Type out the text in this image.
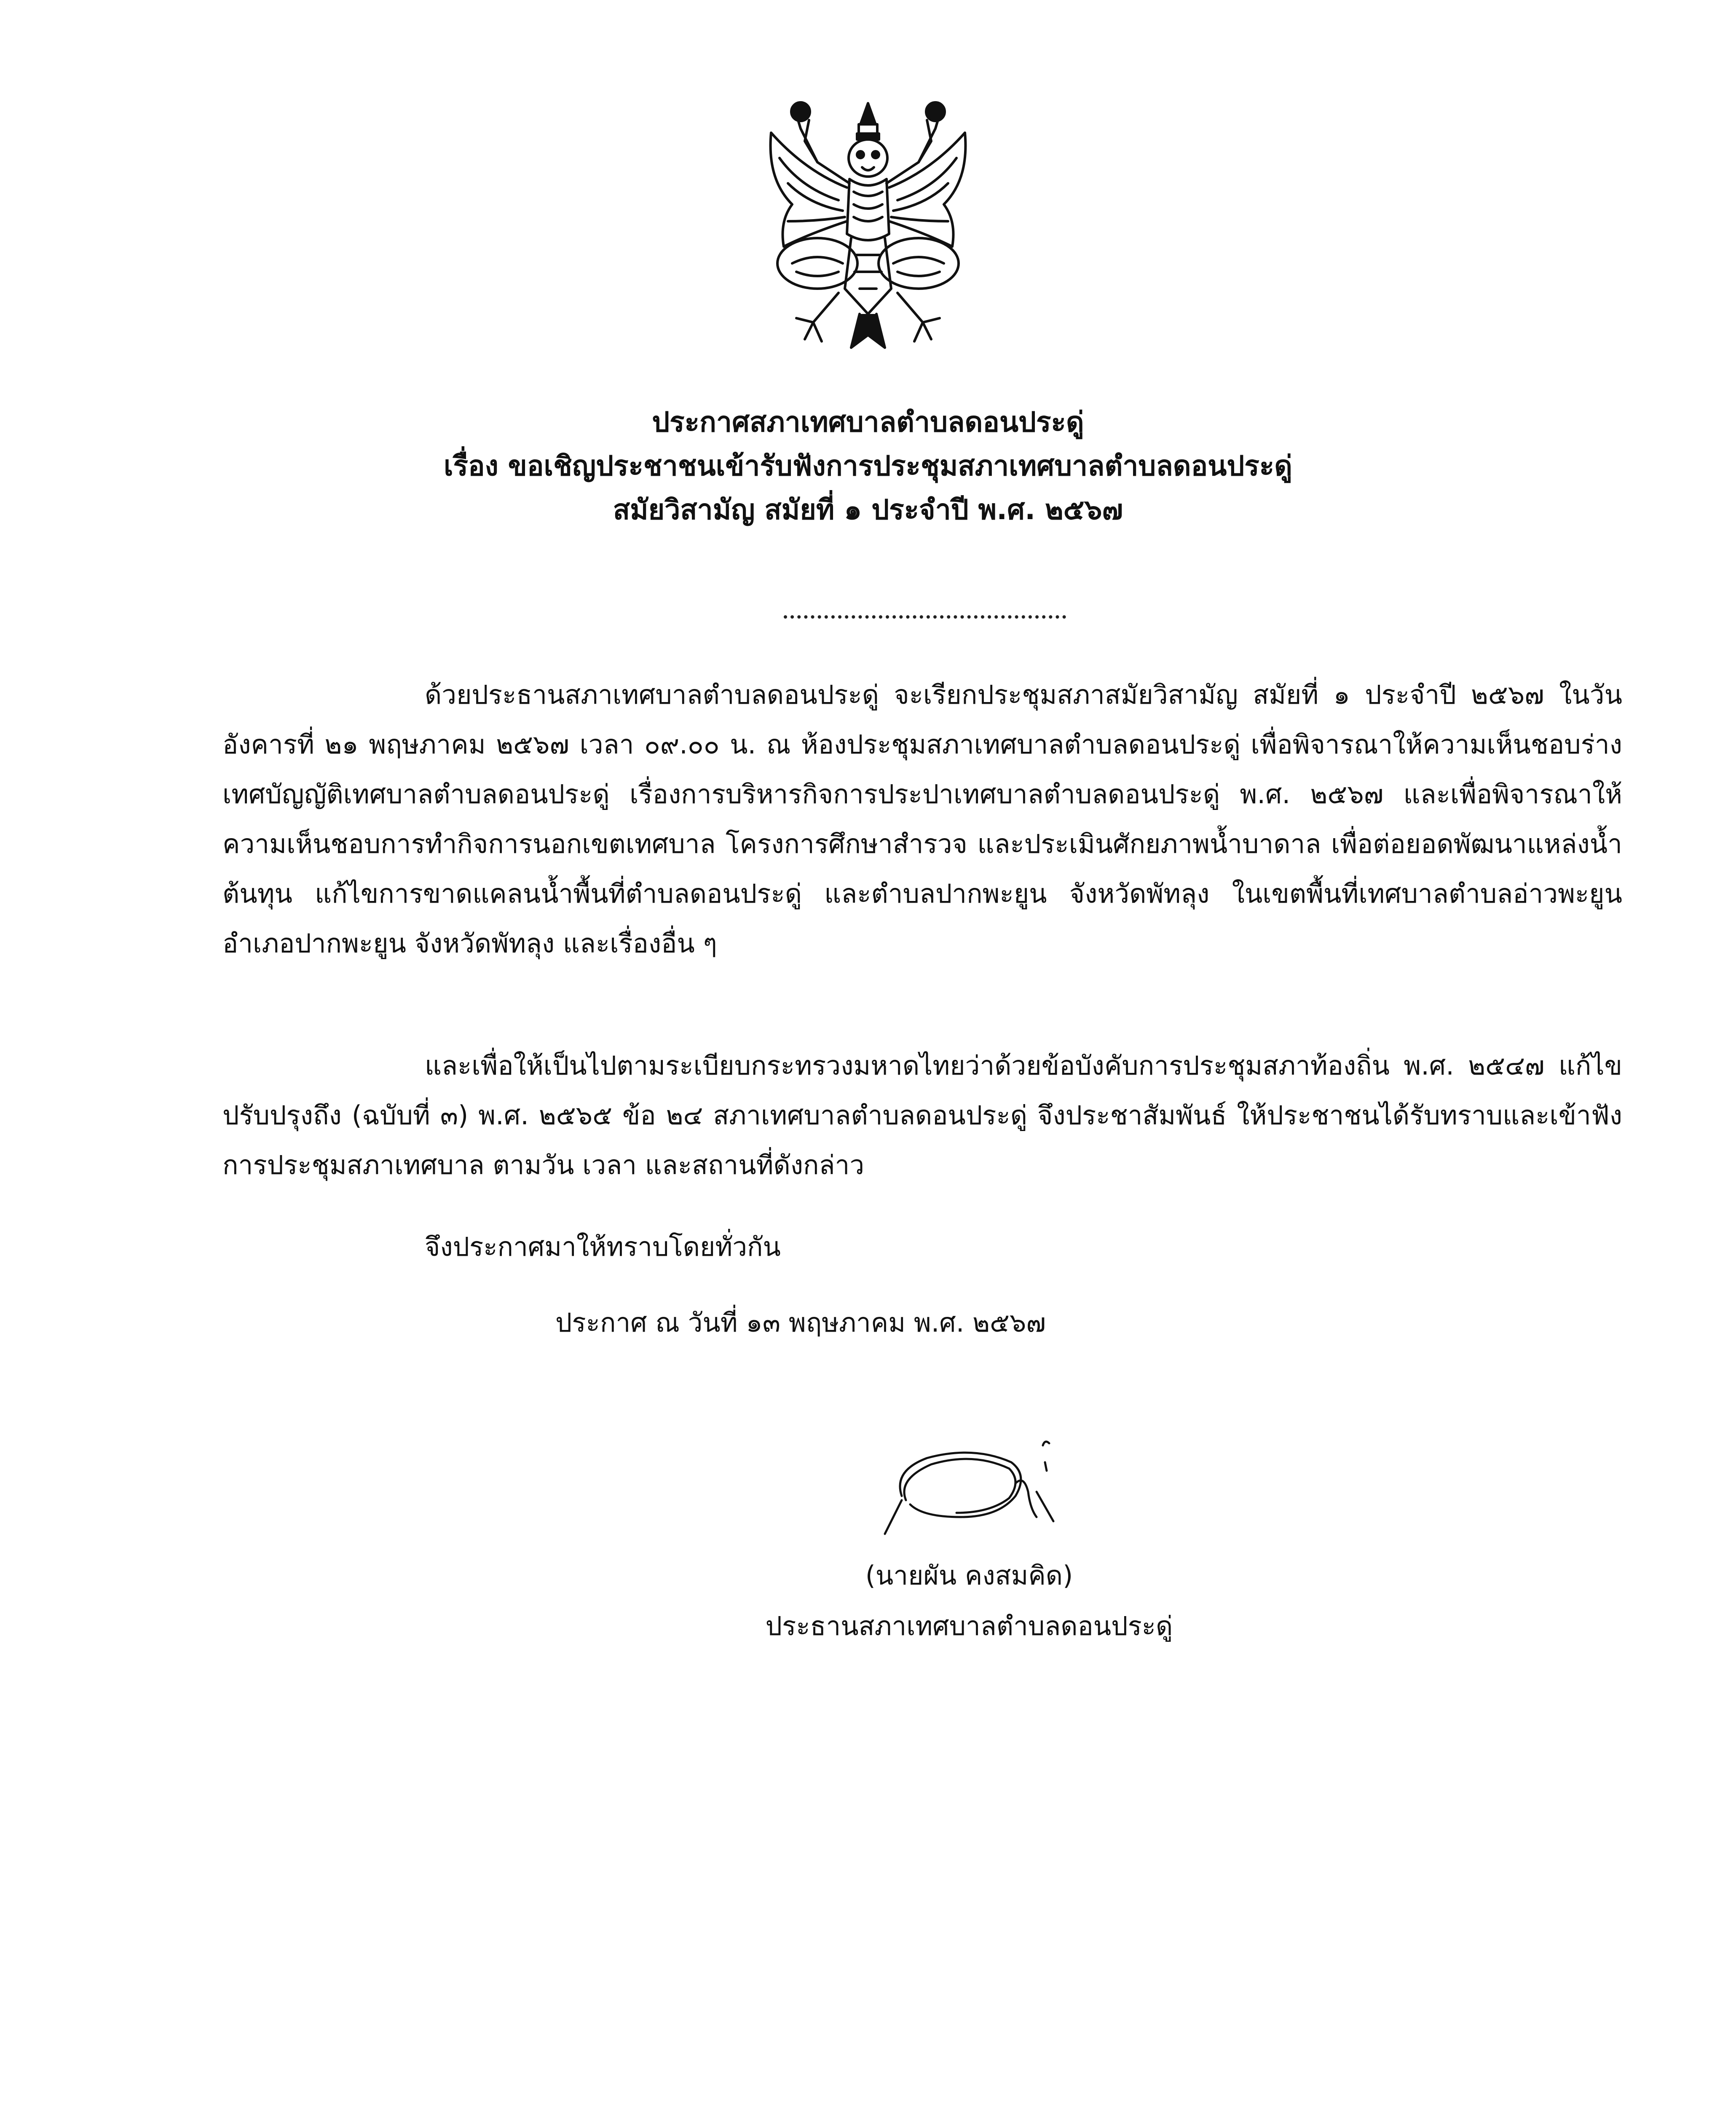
ประกาศสภาเทศบาลตำบลดอนประดู่
เรื่อง ขอเชิญประชาชนเข้ารับฟังการประชุมสภาเทศบาลตำบลดอนประดู่
สมัยวิสามัญ สมัยที่ ๑ ประจำปี พ.ศ. ๒๕๖๗
ด้วยประธานสภาเทศบาลตำบลดอนประดู่ จะเรียกประชุมสภาสมัยวิสามัญ สมัยที่ ๑ ประจำปี ๒๕๖๗ ในวันอังคารที่ ๒๑ พฤษภาคม ๒๕๖๗ เวลา ๐๙.๐๐ น. ณ ห้องประชุมสภาเทศบาลตำบลดอนประดู่ เพื่อพิจารณาให้ความเห็นชอบร่างเทศบัญญัติเทศบาลตำบลดอนประดู่ เรื่องการบริหารกิจการประปาเทศบาลตำบลดอนประดู่ พ.ศ. ๒๕๖๗ และเพื่อพิจารณาให้ความเห็นชอบการทำกิจการนอกเขตเทศบาล โครงการศึกษาสำรวจ และประเมินศักยภาพน้ำบาดาล เพื่อต่อยอดพัฒนาแหล่งน้ำต้นทุน แก้ไขการขาดแคลนน้ำพื้นที่ตำบลดอนประดู่ และตำบลปากพะยูน จังหวัดพัทลุง ในเขตพื้นที่เทศบาลตำบลอ่าวพะยูน อำเภอปากพะยูน จังหวัดพัทลุง และเรื่องอื่น ๆ
และเพื่อให้เป็นไปตามระเบียบกระทรวงมหาดไทยว่าด้วยข้อบังคับการประชุมสภาท้องถิ่น พ.ศ. ๒๕๔๗ แก้ไขปรับปรุงถึง (ฉบับที่ ๓) พ.ศ. ๒๕๖๕ ข้อ ๒๔ สภาเทศบาลตำบลดอนประดู่ จึงประชาสัมพันธ์ ให้ประชาชนได้รับทราบและเข้าฟังการประชุมสภาเทศบาล ตามวัน เวลา และสถานที่ดังกล่าว
จึงประกาศมาให้ทราบโดยทั่วกัน
ประกาศ ณ วันที่ ๑๓ พฤษภาคม พ.ศ. ๒๕๖๗
(นายผัน คงสมคิด)
ประธานสภาเทศบาลตำบลดอนประดู่
